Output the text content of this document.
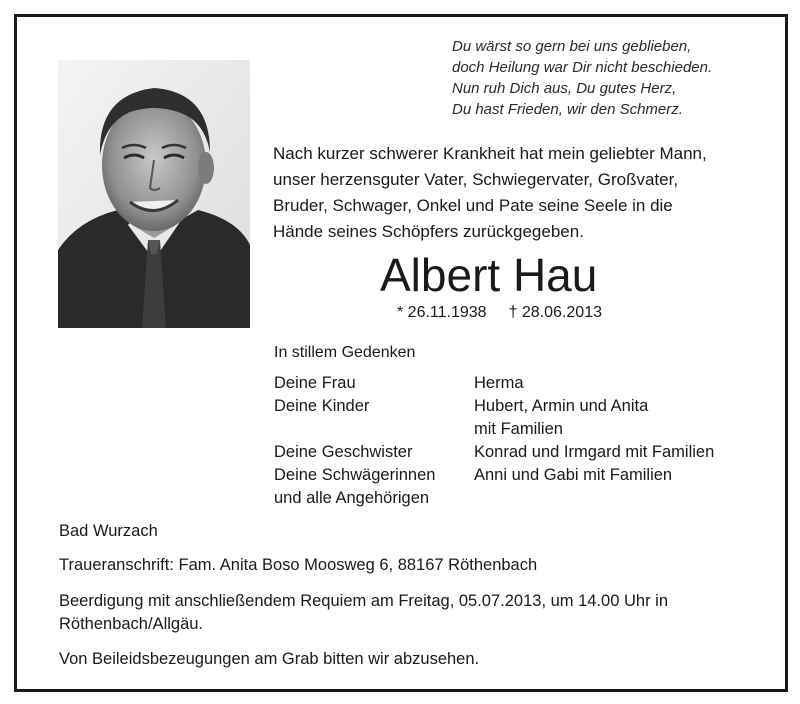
Du wärst so gern bei uns geblieben,
doch Heilung war Dir nicht beschieden.
Nun ruh Dich aus, Du gutes Herz,
Du hast Frieden, wir den Schmerz.
Nach kurzer schwerer Krankheit hat mein geliebter Mann,
unser herzensguter Vater, Schwiegervater, Großvater,
Bruder, Schwager, Onkel und Pate seine Seele in die
Hände seines Schöpfers zurückgegeben.
Albert Hau
* 26.11.1938 † 28.06.2013
In stillem Gedenken
Deine Frau	Herma
Deine Kinder	Hubert, Armin und Anita
mit Familien
Deine Geschwister	Konrad und Irmgard mit Familien
Deine Schwägerinnen	Anni und Gabi mit Familien
und alle Angehörigen
Bad Wurzach
Traueranschrift: Fam. Anita Boso Moosweg 6, 88167 Röthenbach
Beerdigung mit anschließendem Requiem am Freitag, 05.07.2013, um 14.00 Uhr in
Röthenbach/Allgäu.
Von Beileidsbezeugungen am Grab bitten wir abzusehen.
